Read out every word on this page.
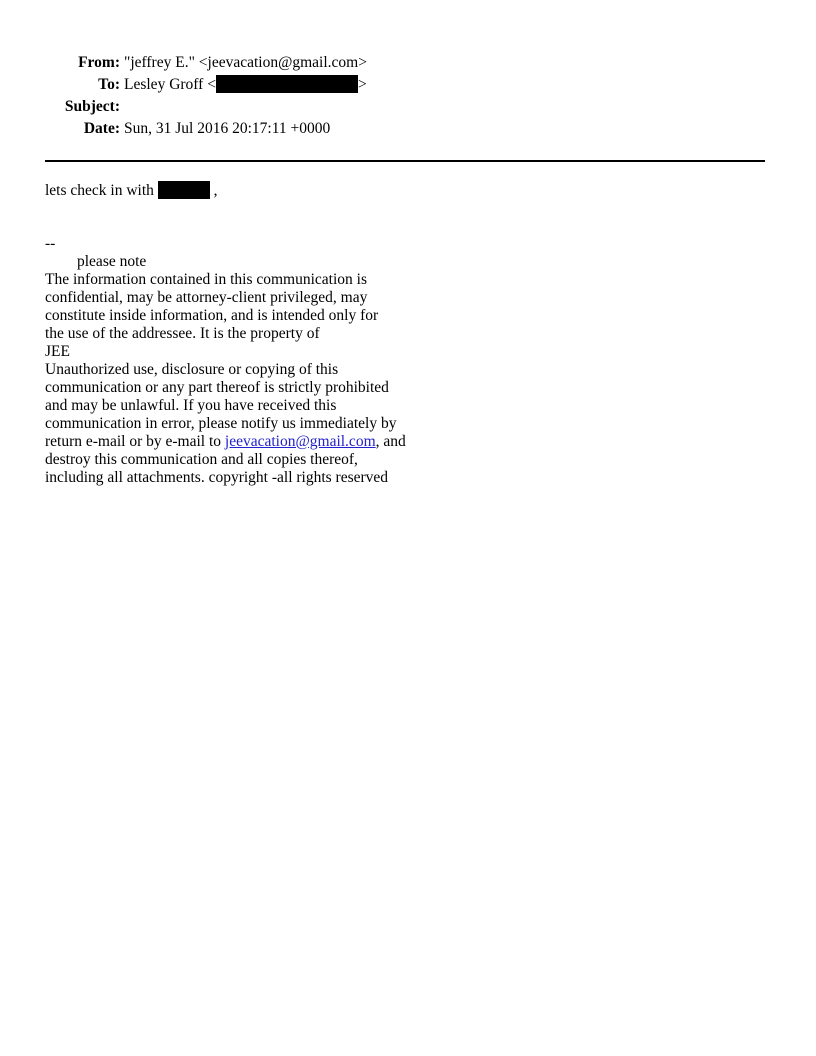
From: "jeffrey E." <jeevacation@gmail.com>
To: Lesley Groff <	>
Subject:
Date: Sun, 31 Jul 2016 20:17:11 +0000
lets check in with	,
--
please note
The information contained in this communication is
confidential, may be attorney-client privileged, may
constitute inside information, and is intended only for
the use of the addressee. It is the property of
JEE
Unauthorized use, disclosure or copying of this
communication or any part thereof is strictly prohibited
and may be unlawful. If you have received this
communication in error, please notify us immediately by
return e-mail or by e-mail to jeevacation@gmail.com, and
destroy this communication and all copies thereof,
including all attachments. copyright -all rights reserved
